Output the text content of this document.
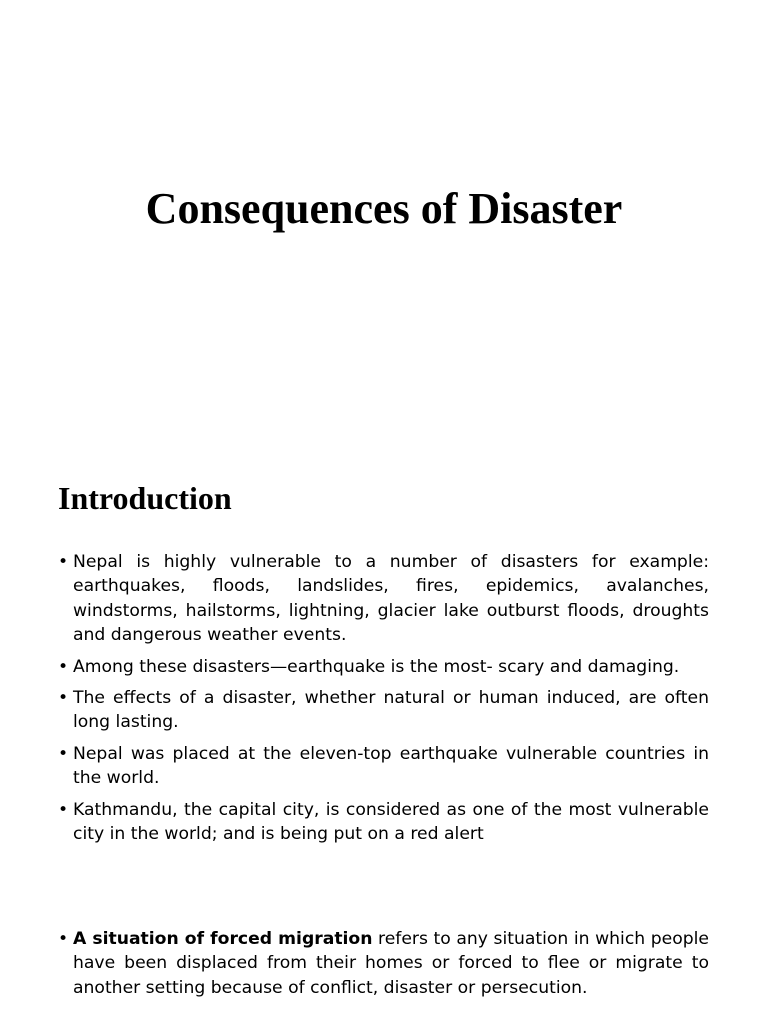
Consequences of Disaster
Introduction
• Nepal is highly vulnerable to a number of disasters for example: earthquakes, floods, landslides, fires, epidemics, avalanches, windstorms, hailstorms, lightning, glacier lake outburst floods, droughts and dangerous weather events.
• Among these disasters—earthquake is the most- scary and damaging.
• The effects of a disaster, whether natural or human induced, are often long lasting.
• Nepal was placed at the eleven-top earthquake vulnerable countries in the world.
• Kathmandu, the capital city, is considered as one of the most vulnerable city in the world; and is being put on a red alert
• A situation of forced migration refers to any situation in which people have been displaced from their homes or forced to flee or migrate to another setting because of conflict, disaster or persecution.
